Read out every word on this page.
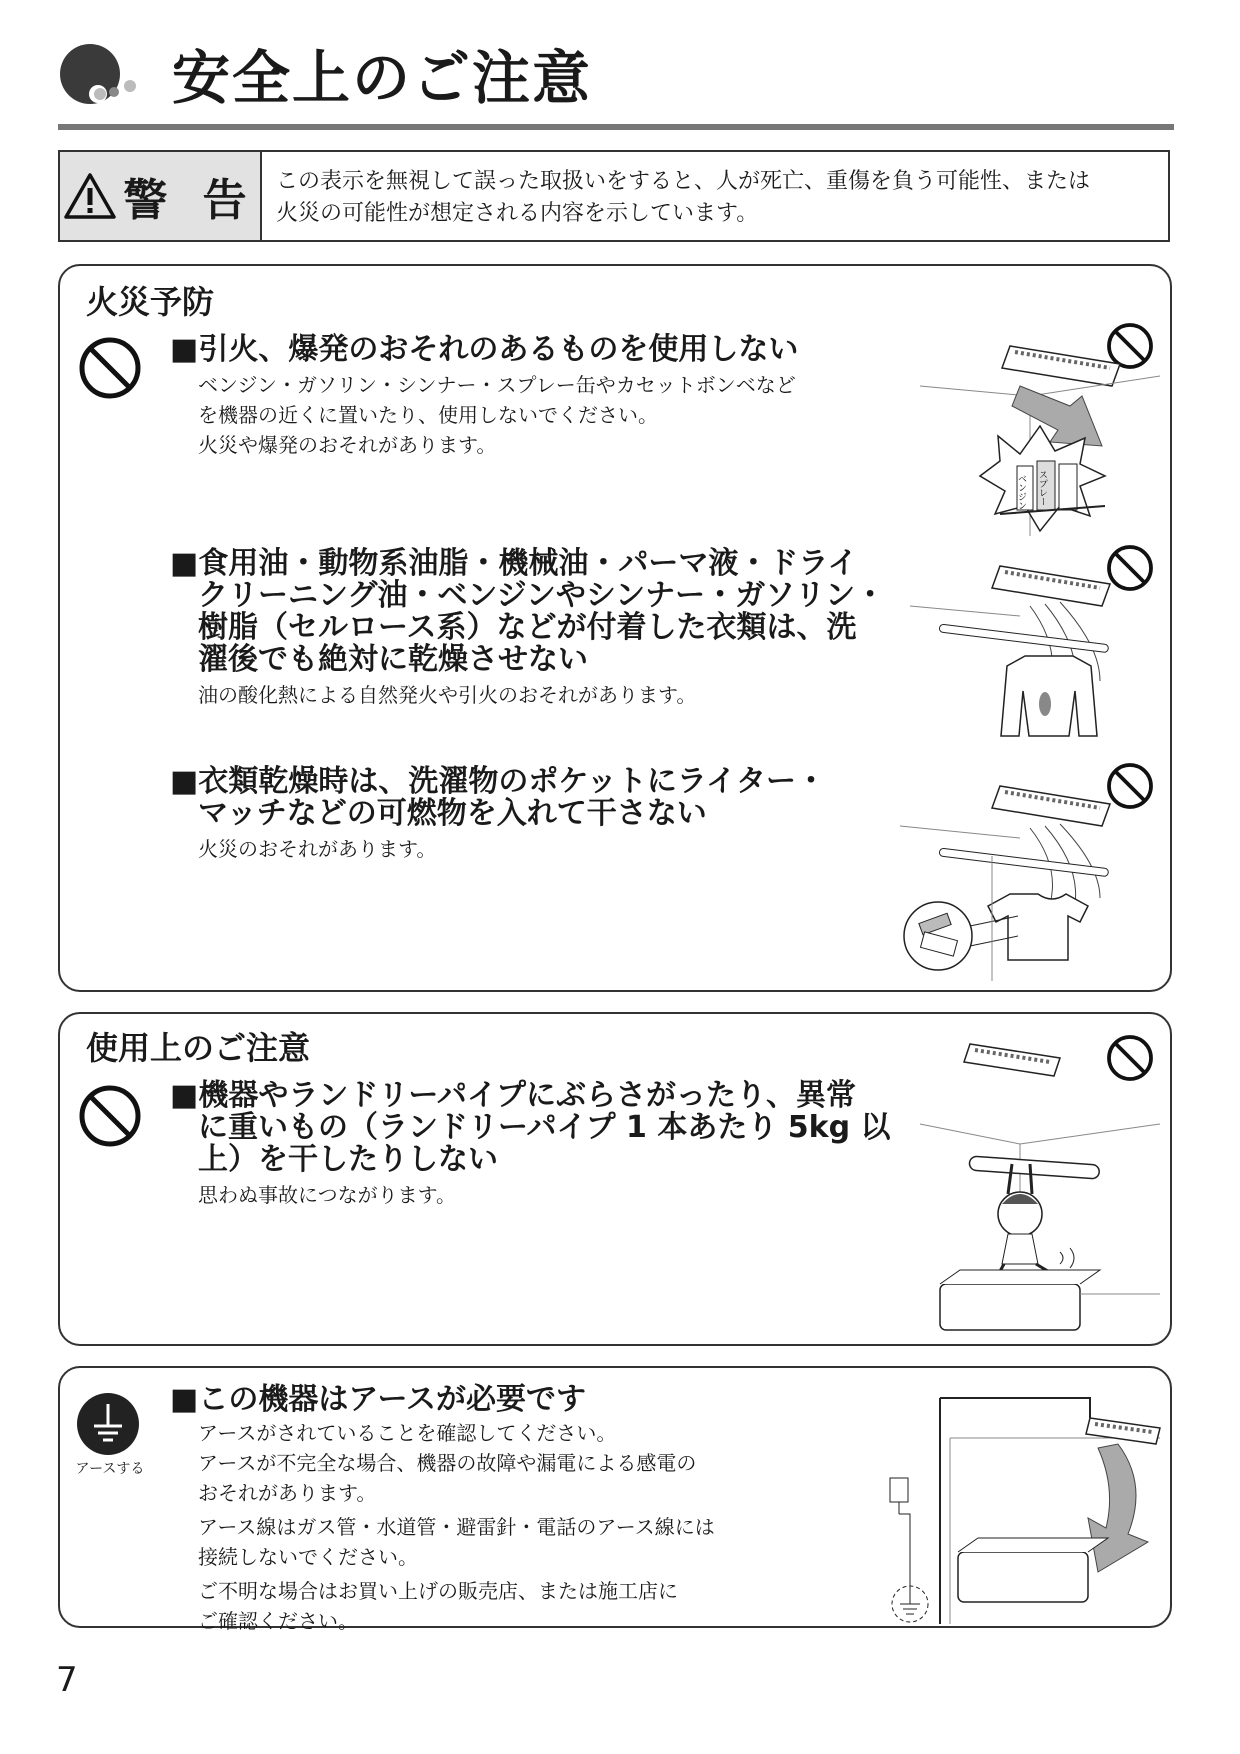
安全上のご注意
警 告 この表示を無視して誤った取扱いをすると、人が死亡、重傷を負う可能性、または
火災の可能性が想定される内容を示しています。
火災予防
■引火、爆発のおそれのあるものを使用しない
ベンジン・ガソリン・シンナー・スプレー缶やカセットボンベなど
を機器の近くに置いたり、使用しないでください。
火災や爆発のおそれがあります。
ベンジン スプレー
■食用油・動物系油脂・機械油・パーマ液・ドライ
クリーニング油・ベンジンやシンナー・ガソリン・
樹脂（セルロース系）などが付着した衣類は、洗
濯後でも絶対に乾燥させない
油の酸化熱による自然発火や引火のおそれがあります。
■衣類乾燥時は、洗濯物のポケットにライター・
マッチなどの可燃物を入れて干さない
火災のおそれがあります。
使用上のご注意
■機器やランドリーパイプにぶらさがったり、異常
に重いもの（ランドリーパイプ 1 本あたり 5kg 以
上）を干したりしない
思わぬ事故につながります。
アースする
■この機器はアースが必要です
アースがされていることを確認してください。
アースが不完全な場合、機器の故障や漏電による感電の
おそれがあります。
アース線はガス管・水道管・避雷針・電話のアース線には
接続しないでください。
ご不明な場合はお買い上げの販売店、または施工店に
ご確認ください。
7
